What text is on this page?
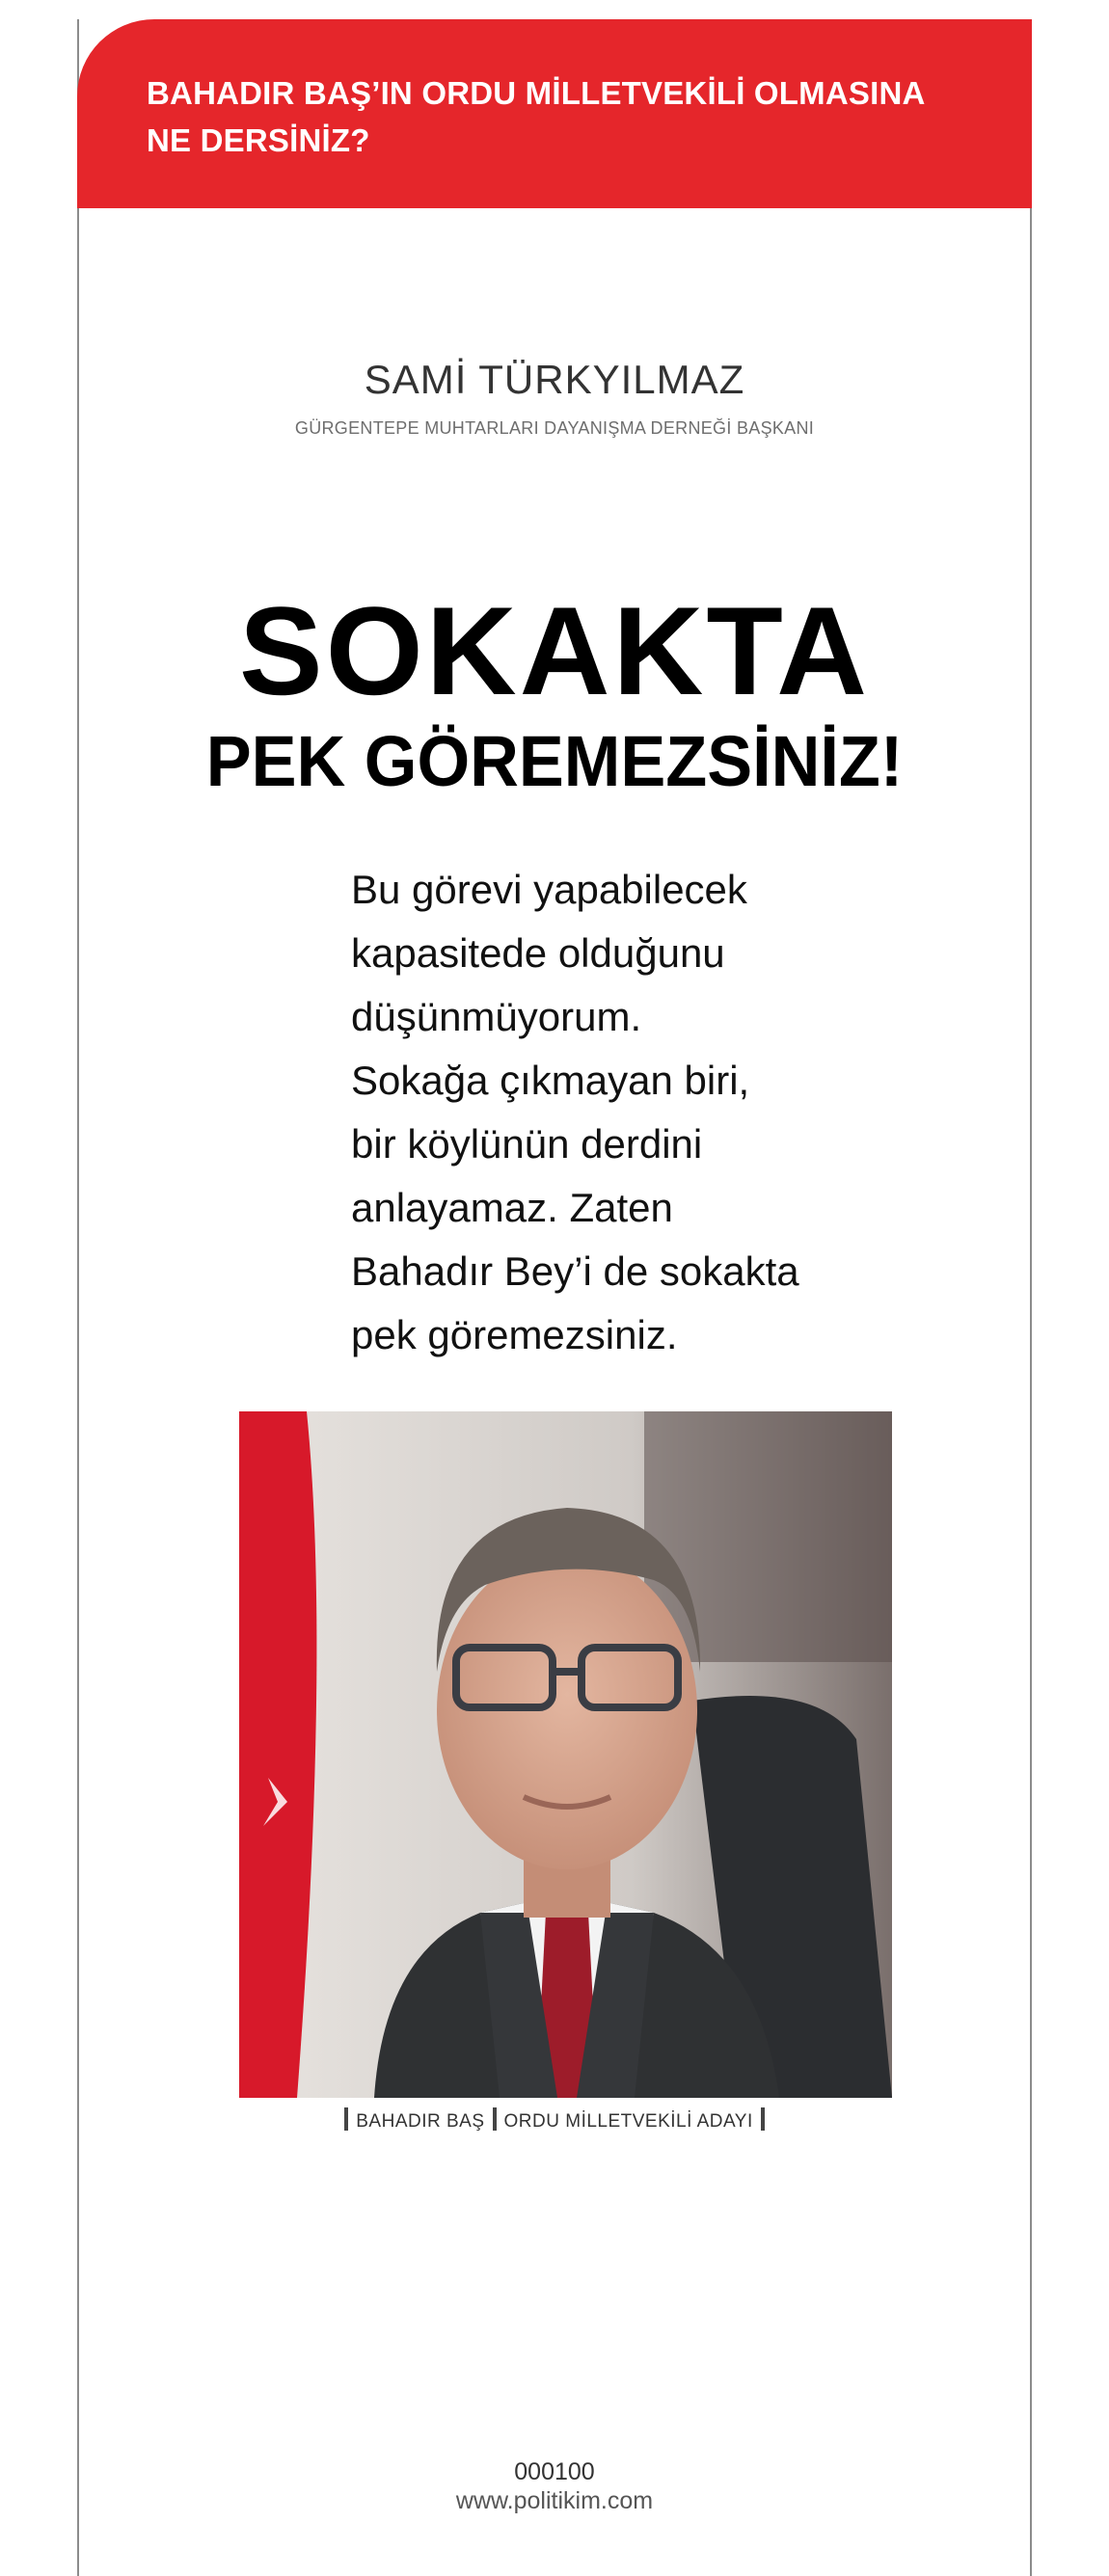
BAHADIR BAŞ’IN ORDU MİLLETVEKİLİ OLMASINA

NE DERSİNİZ?

SAMİ TÜRKYILMAZ
GÜRGENTEPE MUHTARLARI DAYANIŞMA DERNEĞİ BAŞKANI
SOKAKTA
PEK GÖREMEZSİNİZ!
Bu görevi yapabilecek
kapasitede olduğunu
düşünmüyorum.
Sokağa çıkmayan biri,
bir köylünün derdini
anlayamaz. Zaten
Bahadır Bey’i de sokakta
pek göremezsiniz.
BAHADIR BAŞ ORDU MİLLETVEKİLİ ADAYI
000100
www.politikim.com
